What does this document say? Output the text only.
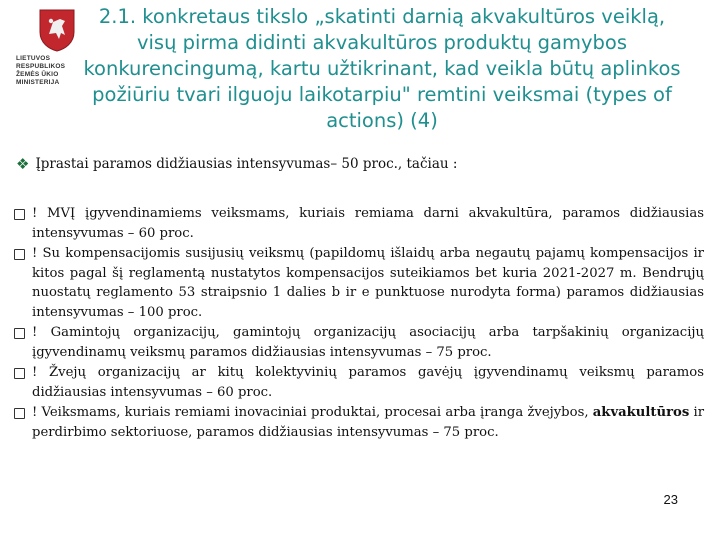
LIETUVOS RESPUBLIKOS
ŽEMĖS ŪKIO MINISTERIJA
2.1. konkretaus tikslo „skatinti darnią akvakultūros veiklą, visų pirma didinti akvakultūros produktų gamybos konkurencingumą, kartu užtikrinant, kad veikla būtų aplinkos požiūriu tvari ilguoju laikotarpiu" remtini veiksmai (types of actions) (4)
❖ Įprastai paramos didžiausias intensyvumas– 50 proc., tačiau :
! MVĮ įgyvendinamiems veiksmams, kuriais remiama darni akvakultūra, paramos didžiausias intensyvumas – 60 proc.
! Su kompensacijomis susijusių veiksmų (papildomų išlaidų arba negautų pajamų kompensacijos ir kitos pagal šį reglamentą nustatytos kompensacijos suteikiamos bet kuria 2021-2027 m. Bendrųjų nuostatų reglamento 53 straipsnio 1 dalies b ir e punktuose nurodyta forma) paramos didžiausias intensyvumas – 100 proc.
! Gamintojų organizacijų, gamintojų organizacijų asociacijų arba tarpšakinių organizacijų įgyvendinamų veiksmų paramos didžiausias intensyvumas – 75 proc.
! Žvejų organizacijų ar kitų kolektyvinių paramos gavėjų įgyvendinamų veiksmų paramos didžiausias intensyvumas – 60 proc.
! Veiksmams, kuriais remiami inovaciniai produktai, procesai arba įranga žvejybos, akvakultūros ir perdirbimo sektoriuose, paramos didžiausias intensyvumas – 75 proc.
23
